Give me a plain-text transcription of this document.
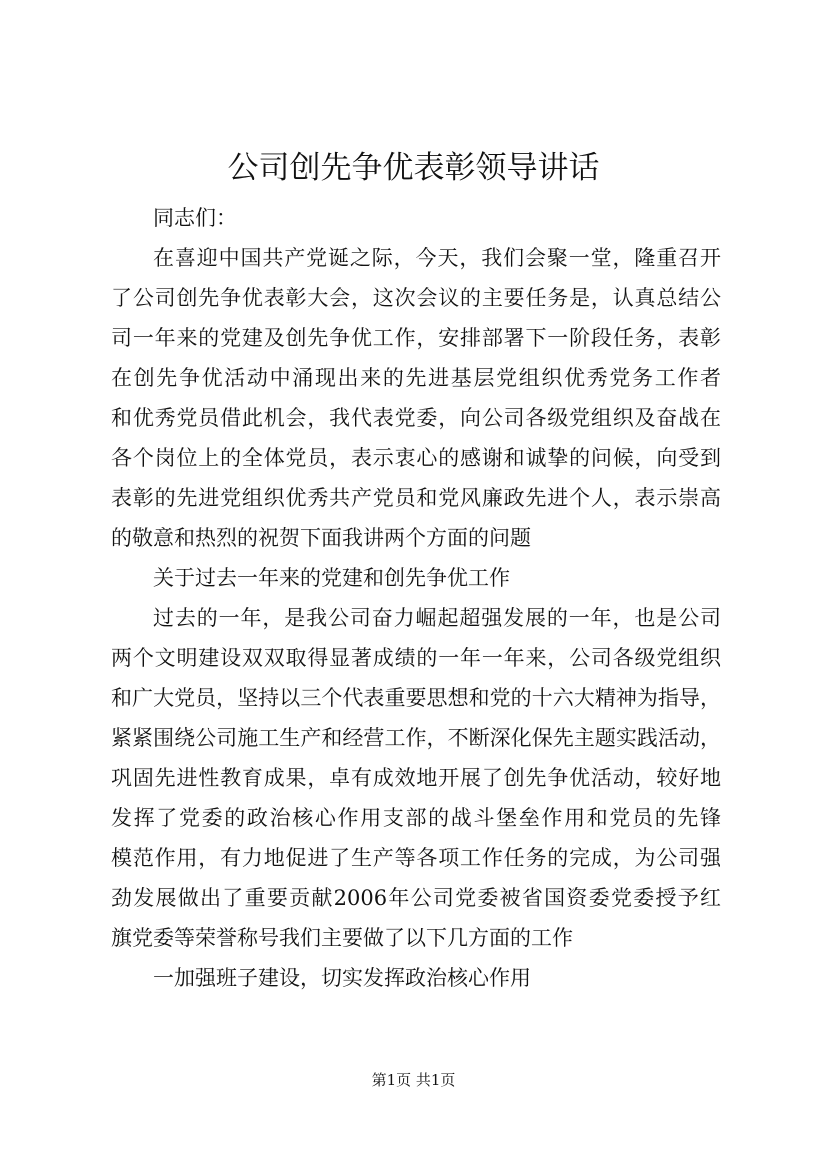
公司创先争优表彰领导讲话
同志们：
在喜迎中国共产党诞之际，今天，我们会聚一堂，隆重召开
了公司创先争优表彰大会，这次会议的主要任务是，认真总结公
司一年来的党建及创先争优工作，安排部署下一阶段任务，表彰
在创先争优活动中涌现出来的先进基层党组织优秀党务工作者
和优秀党员借此机会，我代表党委，向公司各级党组织及奋战在
各个岗位上的全体党员，表示衷心的感谢和诚挚的问候，向受到
表彰的先进党组织优秀共产党员和党风廉政先进个人，表示崇高
的敬意和热烈的祝贺下面我讲两个方面的问题
关于过去一年来的党建和创先争优工作
过去的一年，是我公司奋力崛起超强发展的一年，也是公司
两个文明建设双双取得显著成绩的一年一年来，公司各级党组织
和广大党员，坚持以三个代表重要思想和党的十六大精神为指导，
紧紧围绕公司施工生产和经营工作，不断深化保先主题实践活动，
巩固先进性教育成果，卓有成效地开展了创先争优活动，较好地
发挥了党委的政治核心作用支部的战斗堡垒作用和党员的先锋
模范作用，有力地促进了生产等各项工作任务的完成，为公司强
劲发展做出了重要贡献2006年公司党委被省国资委党委授予红
旗党委等荣誉称号我们主要做了以下几方面的工作
一加强班子建设，切实发挥政治核心作用
第1页 共1页
